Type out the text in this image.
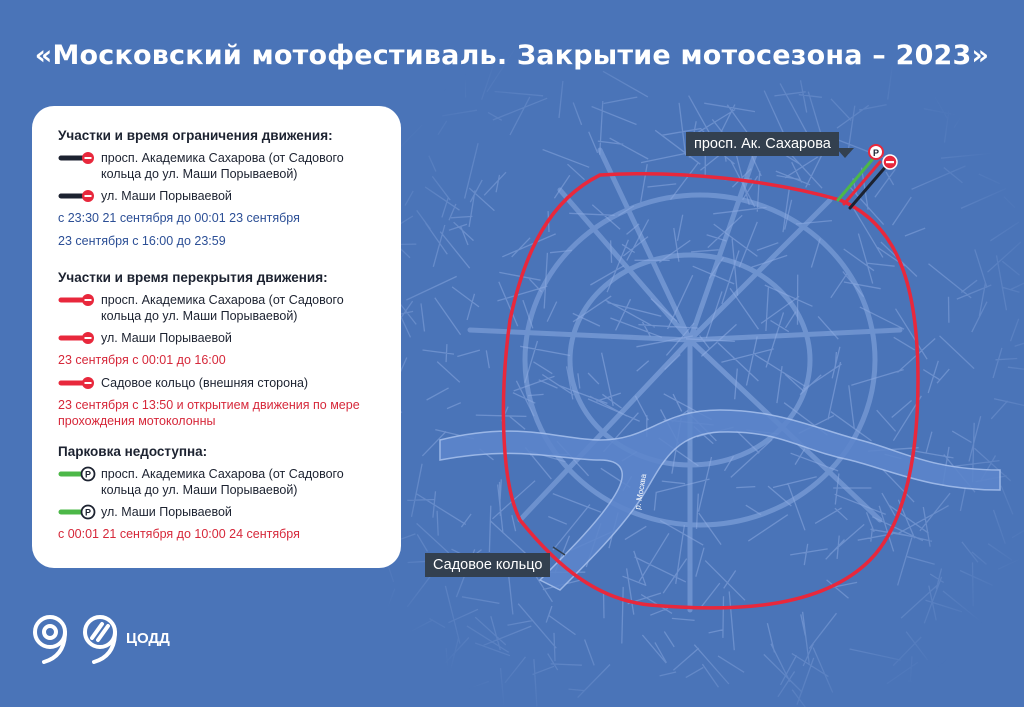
р. Москва
P
«Московский мотофестиваль. Закрытие мотосезона – 2023»
просп. Ак. Сахарова
Садовое кольцо
Участки и время ограничения движения:
просп. Академика Сахарова (от Садового кольца до ул. Маши Порываевой)
ул. Маши Порываевой
с 23:30 21 сентября до 00:01 23 сентября
23 сентября с 16:00 до 23:59
Участки и время перекрытия движения:
просп. Академика Сахарова (от Садового кольца до ул. Маши Порываевой)
ул. Маши Порываевой
23 сентября с 00:01 до 16:00
Садовое кольцо (внешняя сторона)
23 сентября с 13:50 и открытием движения по мере прохождения мотоколонны
Парковка недоступна:
P просп. Академика Сахарова (от Садового кольца до ул. Маши Порываевой)
P ул. Маши Порываевой
с 00:01 21 сентября до 10:00 24 сентября
ЦОДД
